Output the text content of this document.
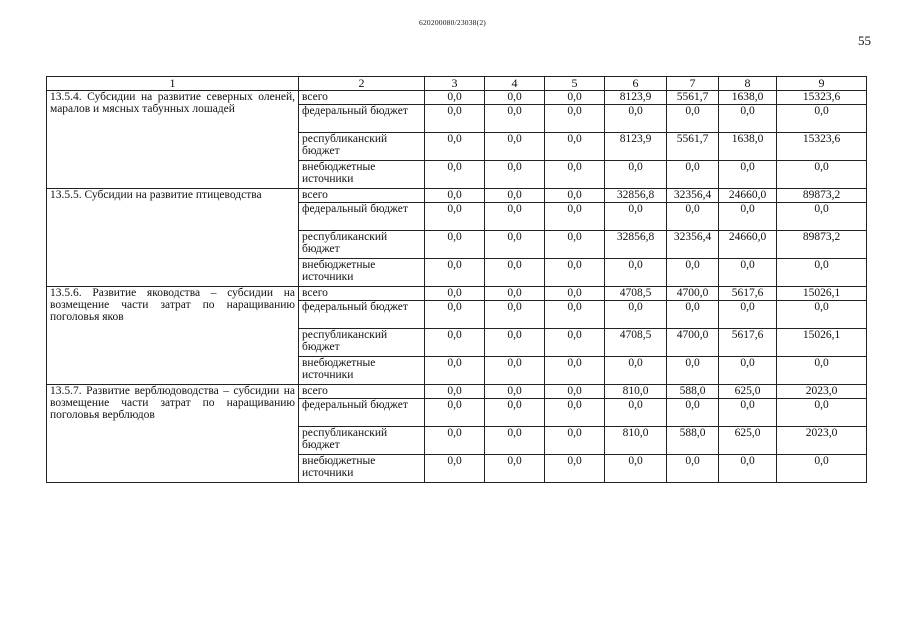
620200080/23038(2)
55
1	2	3	4	5	6	7	8	9
13.5.4. Субсидии на развитие северных оленей, маралов и мясных табунных лошадей	всего	0,0	0,0	0,0	8123,9	5561,7	1638,0	15323,6
	федеральный бюджет	0,0	0,0	0,0	0,0	0,0	0,0	0,0
	республиканский бюджет	0,0	0,0	0,0	8123,9	5561,7	1638,0	15323,6
	внебюджетные источники	0,0	0,0	0,0	0,0	0,0	0,0	0,0
13.5.5. Субсидии на развитие птицеводства	всего	0,0	0,0	0,0	32856,8	32356,4	24660,0	89873,2
	федеральный бюджет	0,0	0,0	0,0	0,0	0,0	0,0	0,0
	республиканский бюджет	0,0	0,0	0,0	32856,8	32356,4	24660,0	89873,2
	внебюджетные источники	0,0	0,0	0,0	0,0	0,0	0,0	0,0
13.5.6. Развитие яководства – субсидии на возмещение части затрат по наращиванию поголовья яков	всего	0,0	0,0	0,0	4708,5	4700,0	5617,6	15026,1
	федеральный бюджет	0,0	0,0	0,0	0,0	0,0	0,0	0,0
	республиканский бюджет	0,0	0,0	0,0	4708,5	4700,0	5617,6	15026,1
	внебюджетные источники	0,0	0,0	0,0	0,0	0,0	0,0	0,0
13.5.7. Развитие верблюдоводства – субсидии на возмещение части затрат по наращиванию поголовья верблюдов	всего	0,0	0,0	0,0	810,0	588,0	625,0	2023,0
	федеральный бюджет	0,0	0,0	0,0	0,0	0,0	0,0	0,0
	республиканский бюджет	0,0	0,0	0,0	810,0	588,0	625,0	2023,0
	внебюджетные источники	0,0	0,0	0,0	0,0	0,0	0,0	0,0
